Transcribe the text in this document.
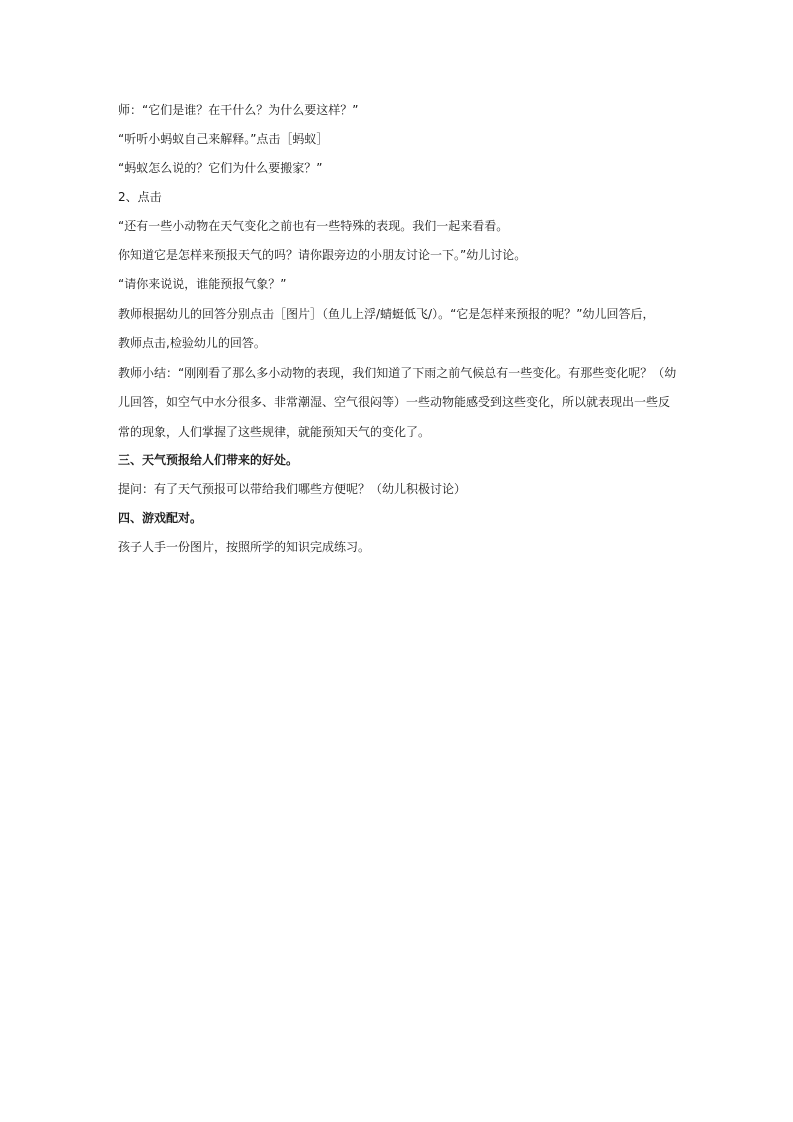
师：“它们是谁？在干什么？为什么要这样？”
“听听小蚂蚁自己来解释。”点击［蚂蚁］
“蚂蚁怎么说的？它们为什么要搬家？”
2、点击
“还有一些小动物在天气变化之前也有一些特殊的表现。我们一起来看看。
你知道它是怎样来预报天气的吗？请你跟旁边的小朋友讨论一下。”幼儿讨论。
“请你来说说，谁能预报气象？”
教师根据幼儿的回答分别点击［图片］（鱼儿上浮/蜻蜓低飞/）。“它是怎样来预报的呢？”幼儿回答后，
教师点击,检验幼儿的回答。
教师小结：“刚刚看了那么多小动物的表现，我们知道了下雨之前气候总有一些变化。有那些变化呢？（幼
儿回答，如空气中水分很多、非常潮湿、空气很闷等）一些动物能感受到这些变化，所以就表现出一些反
常的现象，人们掌握了这些规律，就能预知天气的变化了。
三、天气预报给人们带来的好处。
提问：有了天气预报可以带给我们哪些方便呢？（幼儿积极讨论）
四、游戏配对。
孩子人手一份图片，按照所学的知识完成练习。
